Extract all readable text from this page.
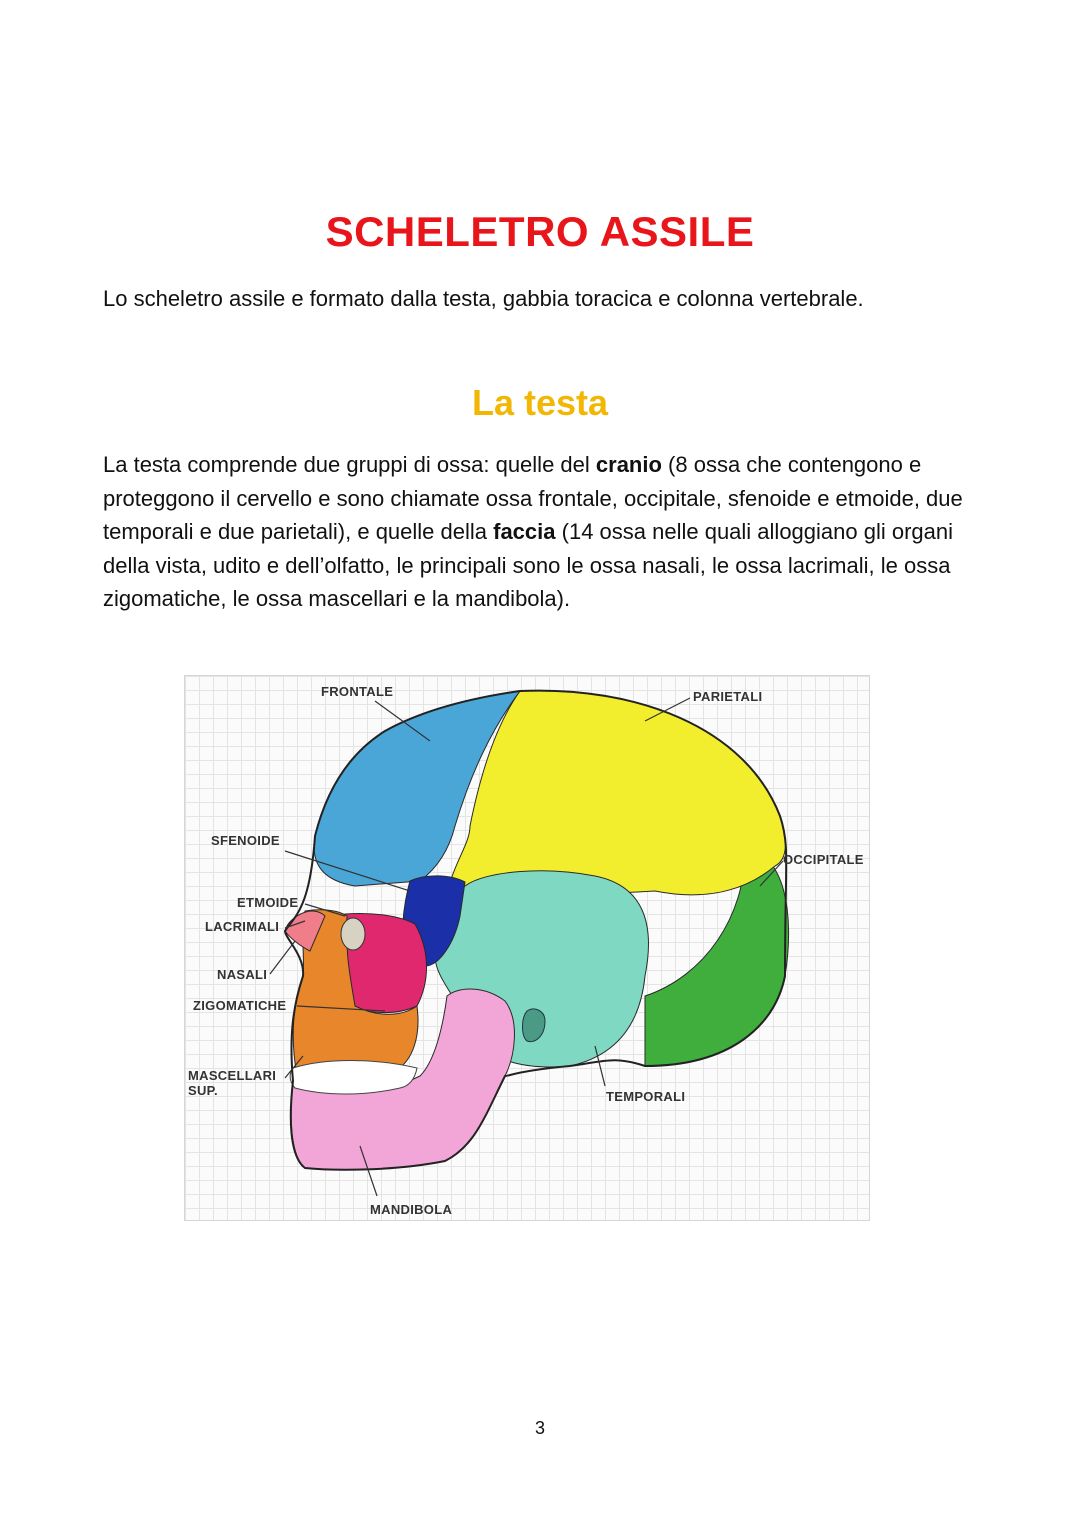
SCHELETRO ASSILE
Lo scheletro assile e formato dalla testa, gabbia toracica e colonna vertebrale.
La testa
La testa comprende due gruppi di ossa: quelle del cranio (8 ossa che contengono e proteggono il cervello e sono chiamate ossa frontale, occipitale, sfenoide e etmoide, due temporali e due parietali), e quelle della faccia (14 ossa nelle quali alloggiano gli organi della vista, udito e dell’olfatto, le principali sono le ossa nasali, le ossa lacrimali, le ossa zigomatiche, le ossa mascellari e la mandibola).
FRONTALE	PARIETALI
SFENOIDE
OCCIPITALE
ETMOIDE
LACRIMALI
NASALI
ZIGOMATICHE
MASCELLARI
SUP.	TEMPORALI
MANDIBOLA
3
